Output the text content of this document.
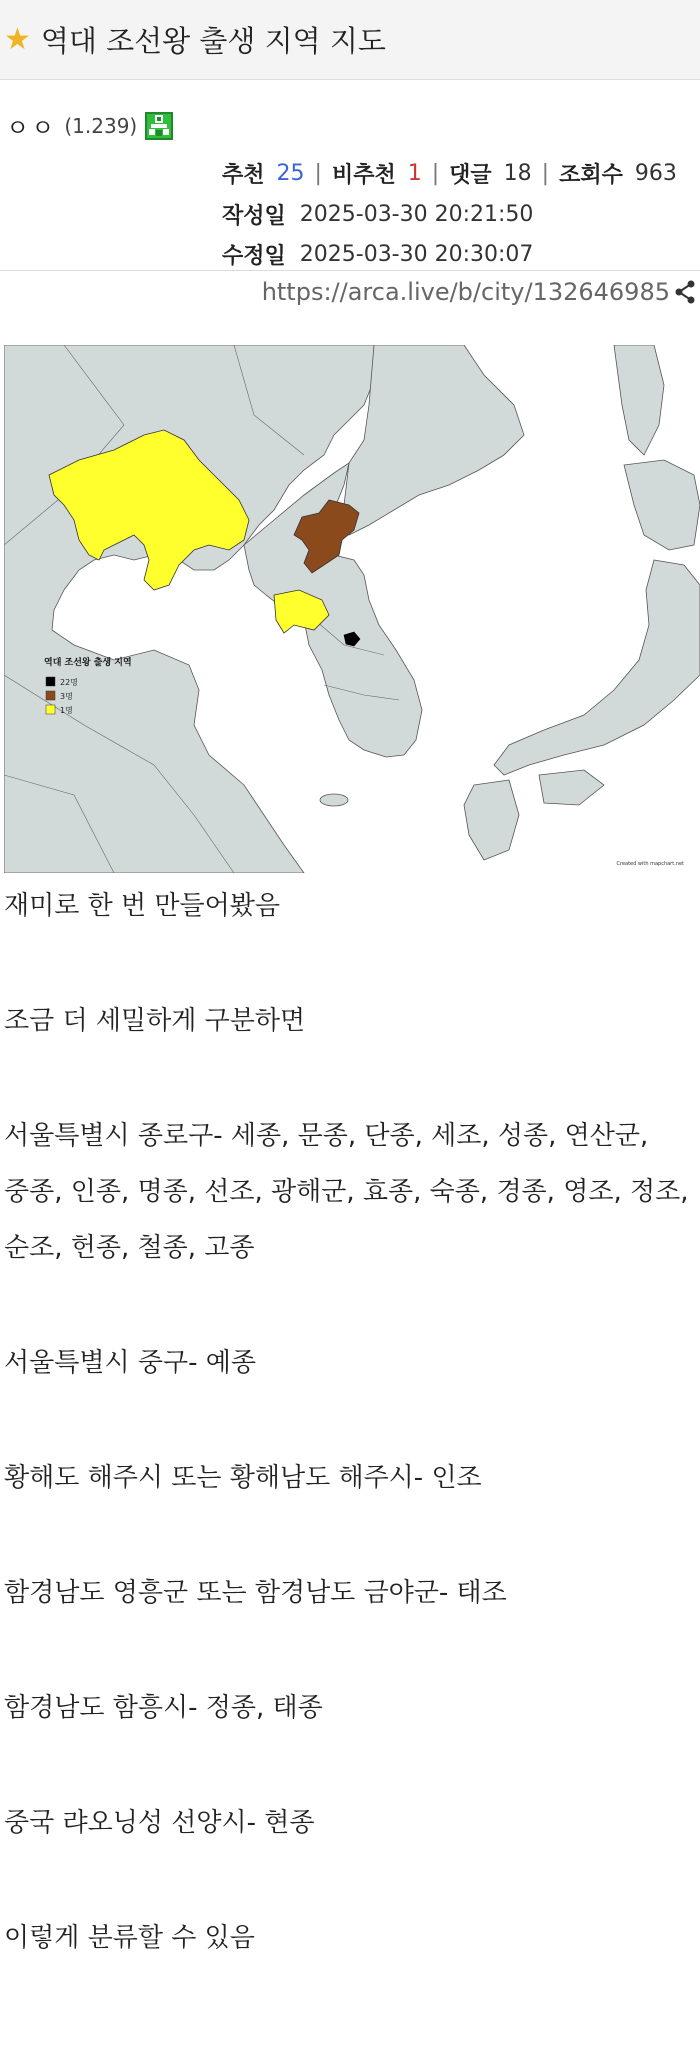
★ 역대 조선왕 출생 지역 지도
ㅇㅇ (1.239)
추천 25 | 비추천 1 | 댓글 18 | 조회수 963
작성일 2025-03-30 20:21:50
수정일 2025-03-30 20:30:07
https://arca.live/b/city/132646985
역대 조선왕 출생 지역
22명
3명
1명
Created with mapchart.net

재미로 한 번 만들어봤음

조금 더 세밀하게 구분하면

서울특별시 종로구- 세종, 문종, 단종, 세조, 성종, 연산군, 중종, 인종, 명종, 선조, 광해군, 효종, 숙종, 경종, 영조, 정조, 순조, 헌종, 철종, 고종

서울특별시 중구- 예종

황해도 해주시 또는 황해남도 해주시- 인조

함경남도 영흥군 또는 함경남도 금야군- 태조

함경남도 함흥시- 정종, 태종

중국 랴오닝성 선양시- 현종

이렇게 분류할 수 있음
